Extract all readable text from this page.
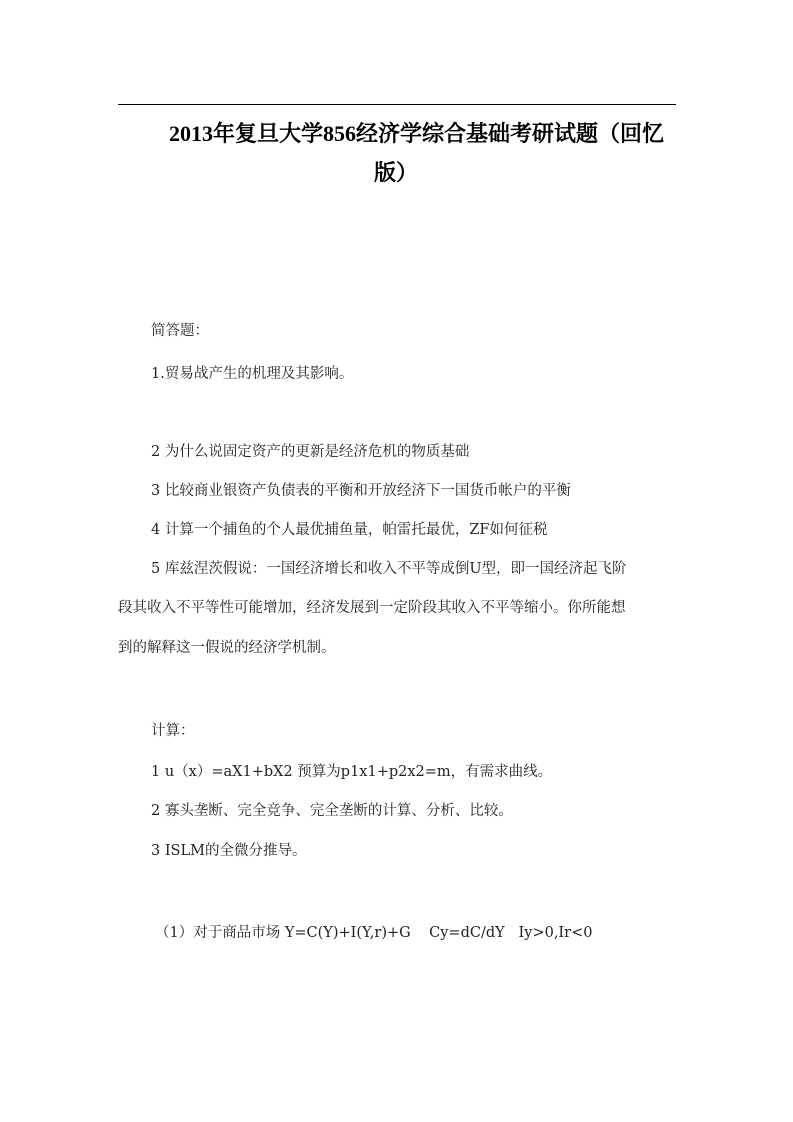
2013年复旦大学856经济学综合基础考研试题（回忆
版）
简答题：
1.贸易战产生的机理及其影响。
2 为什么说固定资产的更新是经济危机的物质基础
3 比较商业银资产负债表的平衡和开放经济下一国货币帐户的平衡
4 计算一个捕鱼的个人最优捕鱼量，帕雷托最优，ZF如何征税
5 库兹涅茨假说：一国经济增长和收入不平等成倒U型，即一国经济起飞阶
段其收入不平等性可能增加，经济发展到一定阶段其收入不平等缩小。你所能想
到的解释这一假说的经济学机制。
计算：
1 u（x）=aX1+bX2 预算为p1x1+p2x2=m，有需求曲线。
2 寡头垄断、完全竞争、完全垄断的计算、分析、比较。
3 ISLM的全微分推导。
（1）对于商品市场 Y=C(Y)+I(Y,r)+G    Cy=dC/dY   Iy>0,Ir<0
